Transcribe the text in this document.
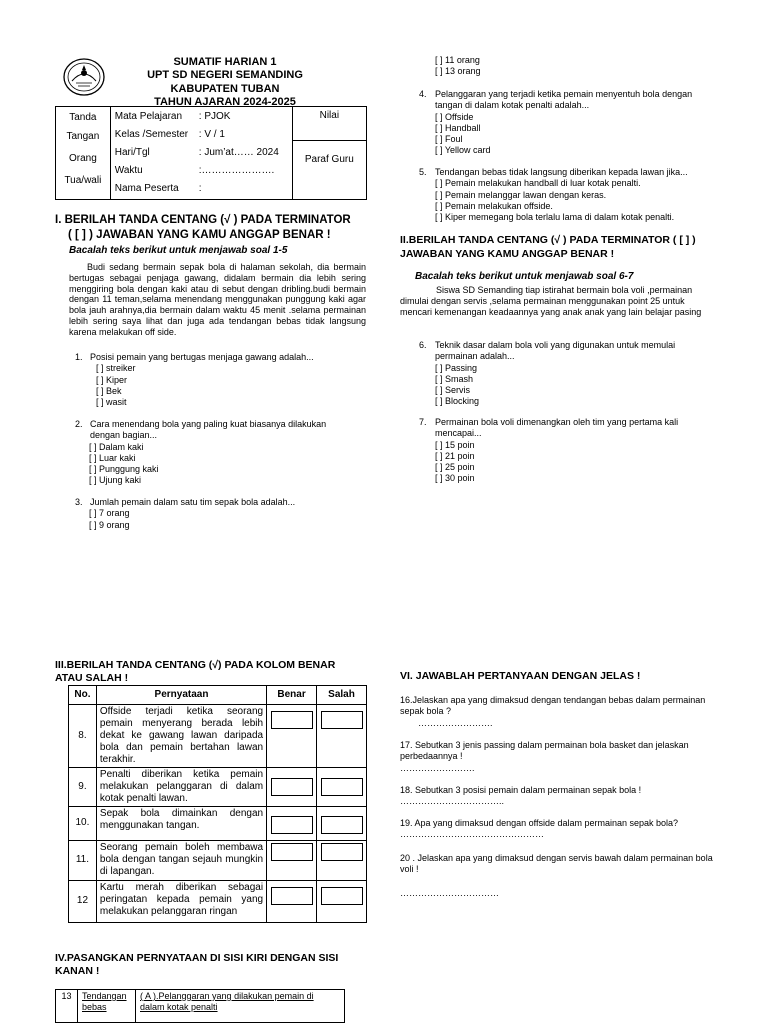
SUMATIF HARIAN 1
UPT SD NEGERI SEMANDING
KABUPATEN TUBAN
TAHUN AJARAN 2024-2025
Tanda
Tangan
Orang
Tua/wali

Mata Pelajaran	: PJOK
Kelas /Semester	: V / 1
Hari/Tgl	: Jum’at…… 2024
Waktu	:………………….
Nama Peserta	:

Nilai
Paraf Guru
I. BERILAH TANDA CENTANG (√ ) PADA TERMINATOR
( [ ] ) JAWABAN YANG KAMU ANGGAP BENAR !
Bacalah teks berikut untuk menjawab soal 1-5
Budi sedang bermain sepak bola di halaman sekolah, dia bermain bertugas sebagai penjaga gawang, didalam bermain dia lebih sering menggiring bola dengan kaki atau di sebut dengan dribling.budi bermain dengan 11 teman,selama menendang menggunakan punggung kaki agar bola jauh arahnya,dia bermain dalam waktu 45 menit .selama permainan lebih sering saya lihat dan juga ada tendangan bebas tidak langsung karena melakukan off side.
1. Posisi pemain yang bertugas menjaga gawang adalah...
[ ] streiker
[ ] Kiper
[ ] Bek
[ ] wasit
2. Cara menendang bola yang paling kuat biasanya dilakukan dengan bagian...
[ ] Dalam kaki
[ ] Luar kaki
[ ] Punggung kaki
[ ] Ujung kaki
3. Jumlah pemain dalam satu tim sepak bola adalah...
[ ] 7 orang
[ ] 9 orang
[ ] 11 orang
[ ] 13 orang
4. Pelanggaran yang terjadi ketika pemain menyentuh bola dengan tangan di dalam kotak penalti adalah...
[ ] Offside
[ ] Handball
[ ] Foul
[ ] Yellow card
5. Tendangan bebas tidak langsung diberikan kepada lawan jika...
[ ] Pemain melakukan handball di luar kotak penalti.
[ ] Pemain melanggar lawan dengan keras.
[ ] Pemain melakukan offside.
[ ] Kiper memegang bola terlalu lama di dalam kotak penalti.
II.BERILAH TANDA CENTANG (√ ) PADA TERMINATOR ( [ ] )
JAWABAN YANG KAMU ANGGAP BENAR !
Bacalah teks berikut untuk menjawab soal 6-7
Siswa SD Semanding tiap istirahat bermain bola voli ,permainan dimulai dengan servis ,selama permainan menggunakan point 25 untuk mencari kemenangan keadaannya yang anak anak yang lain belajar pasing
6. Teknik dasar dalam bola voli yang digunakan untuk memulai permainan adalah...
[ ] Passing
[ ] Smash
[ ] Servis
[ ] Blocking
7. Permainan bola voli dimenangkan oleh tim yang pertama kali mencapai...
[ ] 15 poin
[ ] 21 poin
[ ] 25 poin
[ ] 30 poin
III.BERILAH TANDA CENTANG (√) PADA KOLOM BENAR
ATAU SALAH !
No.	Pernyataan	Benar	Salah
8.	Offside terjadi ketika seorang pemain menyerang berada lebih dekat ke gawang lawan daripada bola dan pemain bertahan lawan terakhir.	

9.	Penalti diberikan ketika pemain melakukan pelanggaran di dalam kotak penalti lawan.	

10.	Sepak bola dimainkan dengan menggunakan tangan.	

11.	Seorang pemain boleh membawa bola dengan tangan sejauh mungkin di lapangan.	

12	Kartu merah diberikan sebagai peringatan kepada pemain yang melakukan pelanggaran ringan	

IV.PASANGKAN PERNYATAAN DI SISI KIRI DENGAN SISI
KANAN !
13	Tendangan bebas	( A ).Pelanggaran yang dilakukan pemain di dalam kotak penalti
VI. JAWABLAH PERTANYAAN DENGAN JELAS !
16.Jelaskan apa yang dimaksud dengan tendangan bebas dalam permainan sepak bola ?
…………………….
17. Sebutkan 3 jenis passing dalam permainan bola basket dan jelaskan perbedaannya !
…………………….
18. Sebutkan 3 posisi pemain dalam permainan sepak bola !
……………………………..
19. Apa yang dimaksud dengan offside dalam permainan sepak bola?
…………………………………………
20 . Jelaskan apa yang dimaksud dengan servis bawah dalam permainan bola voli !
……………………………
